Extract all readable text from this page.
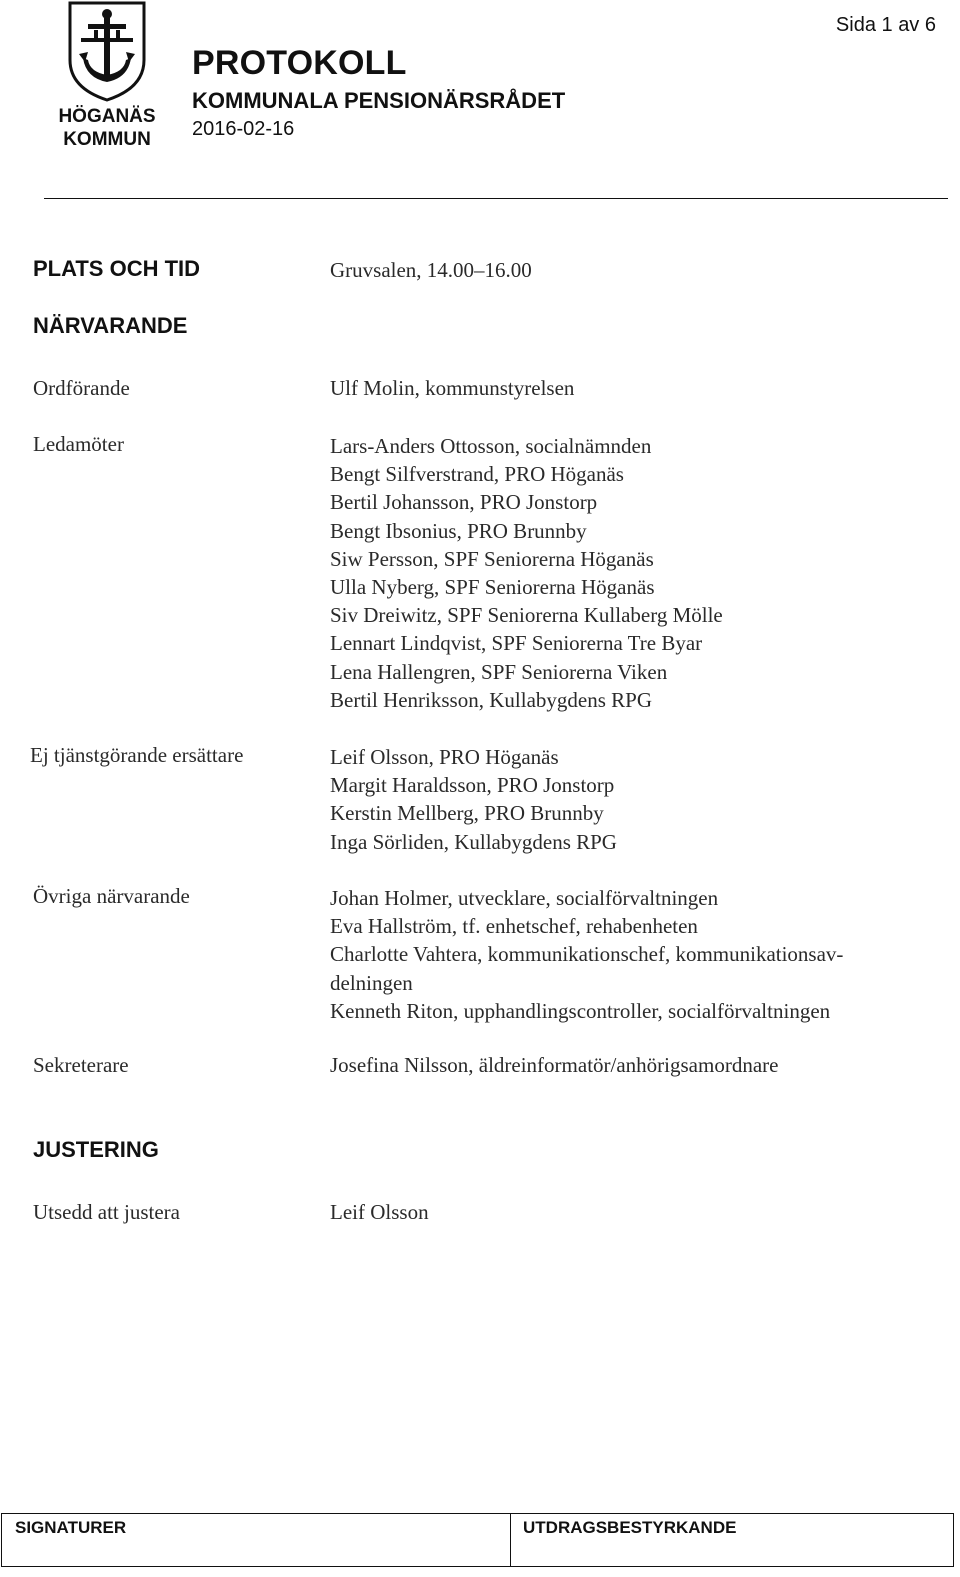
HÖGANÄS
KOMMUN
Sida 1 av 6
PROTOKOLL
KOMMUNALA PENSIONÄRSRÅDET
2016-02-16
PLATS OCH TID	Gruvsalen, 14.00–16.00
NÄRVARANDE
Ordförande	Ulf Molin, kommunstyrelsen
Ledamöter	Lars-Anders Ottosson, socialnämnden
Bengt Silfverstrand, PRO Höganäs
Bertil Johansson, PRO Jonstorp
Bengt Ibsonius, PRO Brunnby
Siw Persson, SPF Seniorerna Höganäs
Ulla Nyberg, SPF Seniorerna Höganäs
Siv Dreiwitz, SPF Seniorerna Kullaberg Mölle
Lennart Lindqvist, SPF Seniorerna Tre Byar
Lena Hallengren, SPF Seniorerna Viken
Bertil Henriksson, Kullabygdens RPG
Ej tjänstgörande ersättare	Leif Olsson, PRO Höganäs
Margit Haraldsson, PRO Jonstorp
Kerstin Mellberg, PRO Brunnby
Inga Sörliden, Kullabygdens RPG
Övriga närvarande	Johan Holmer, utvecklare, socialförvaltningen
Eva Hallström, tf. enhetschef, rehabenheten
Charlotte Vahtera, kommunikationschef, kommunikationsav-
delningen
Kenneth Riton, upphandlingscontroller, socialförvaltningen
Sekreterare	Josefina Nilsson, äldreinformatör/anhörigsamordnare
JUSTERING
Utsedd att justera	Leif Olsson
SIGNATURER	UTDRAGSBESTYRKANDE
